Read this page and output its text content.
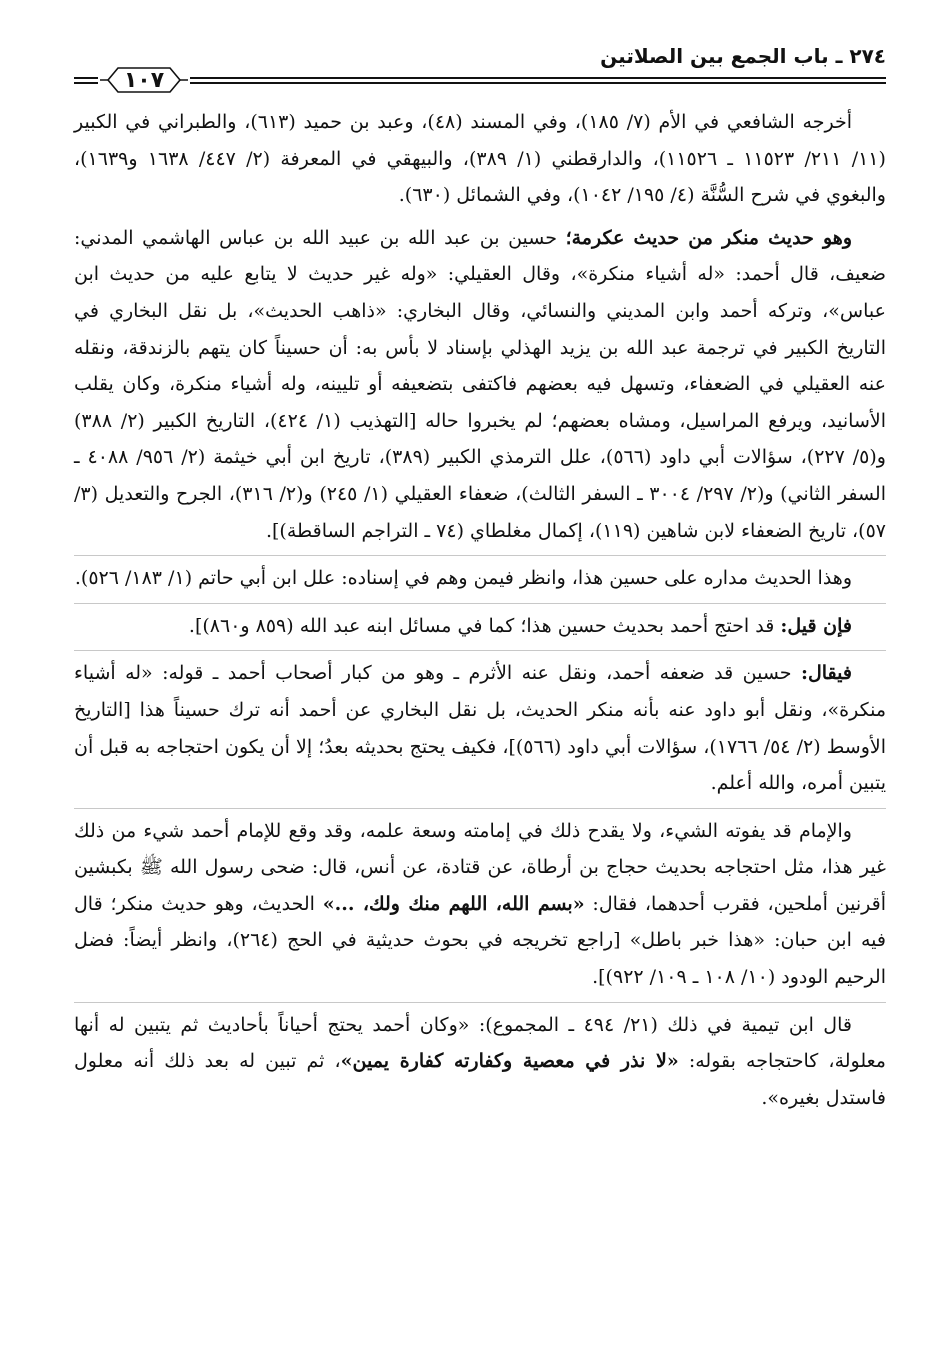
٢٧٤ ـ باب الجمع بين الصلاتين
١٠٧

أخرجه الشافعي في الأم (٧/ ١٨٥)، وفي المسند (٤٨)، وعبد بن حميد (٦١٣)، والطبراني في الكبير (١١/ ٢١١/ ١١٥٢٣ ـ ١١٥٢٦)، والدارقطني (١/ ٣٨٩)، والبيهقي في المعرفة (٢/ ٤٤٧/ ١٦٣٨ و١٦٣٩)، والبغوي في شرح السُّنَّة (٤/ ١٩٥/ ١٠٤٢)، وفي الشمائل (٦٣٠).

وهو حديث منكر من حديث عكرمة؛ حسين بن عبد الله بن عبيد الله بن عباس الهاشمي المدني: ضعيف، قال أحمد: «له أشياء منكرة»، وقال العقيلي: «وله غير حديث لا يتابع عليه من حديث ابن عباس»، وتركه أحمد وابن المديني والنسائي، وقال البخاري: «ذاهب الحديث»، بل نقل البخاري في التاريخ الكبير في ترجمة عبد الله بن يزيد الهذلي بإسناد لا بأس به: أن حسيناً كان يتهم بالزندقة، ونقله عنه العقيلي في الضعفاء، وتسهل فيه بعضهم فاكتفى بتضعيفه أو تليينه، وله أشياء منكرة، وكان يقلب الأسانيد، ويرفع المراسيل، ومشاه بعضهم؛ لم يخبروا حاله [التهذيب (١/ ٤٢٤)، التاريخ الكبير (٢/ ٣٨٨) و(٥/ ٢٢٧)، سؤالات أبي داود (٥٦٦)، علل الترمذي الكبير (٣٨٩)، تاريخ ابن أبي خيثمة (٢/ ٩٥٦/ ٤٠٨٨ ـ السفر الثاني) و(٢/ ٢٩٧/ ٣٠٠٤ ـ السفر الثالث)، ضعفاء العقيلي (١/ ٢٤٥) و(٢/ ٣١٦)، الجرح والتعديل (٣/ ٥٧)، تاريخ الضعفاء لابن شاهين (١١٩)، إكمال مغلطاي (٧٤ ـ التراجم الساقطة)].

وهذا الحديث مداره على حسين هذا، وانظر فيمن وهم في إسناده: علل ابن أبي حاتم (١/ ١٨٣/ ٥٢٦).

فإن قيل: قد احتج أحمد بحديث حسين هذا؛ كما في مسائل ابنه عبد الله (٨٥٩ و٨٦٠)].

فيقال: حسين قد ضعفه أحمد، ونقل عنه الأثرم ـ وهو من كبار أصحاب أحمد ـ قوله: «له أشياء منكرة»، ونقل أبو داود عنه بأنه منكر الحديث، بل نقل البخاري عن أحمد أنه ترك حسيناً هذا [التاريخ الأوسط (٢/ ٥٤/ ١٧٦٦)، سؤالات أبي داود (٥٦٦)]، فكيف يحتج بحديثه بعدُ؛ إلا أن يكون احتجاجه به قبل أن يتبين أمره، والله أعلم.

والإمام قد يفوته الشيء، ولا يقدح ذلك في إمامته وسعة علمه، وقد وقع للإمام أحمد شيء من ذلك غير هذا، مثل احتجاجه بحديث حجاج بن أرطاة، عن قتادة، عن أنس، قال: ضحى رسول الله ﷺ بكبشين أقرنين أملحين، فقرب أحدهما، فقال: «بسم الله، اللهم منك ولك، ...» الحديث، وهو حديث منكر؛ قال فيه ابن حبان: «هذا خبر باطل» [راجع تخريجه في بحوث حديثية في الحج (٢٦٤)، وانظر أيضاً: فضل الرحيم الودود (١٠/ ١٠٨ ـ ١٠٩/ ٩٢٢)].

قال ابن تيمية في ذلك (٢١/ ٤٩٤ ـ المجموع): «وكان أحمد يحتج أحياناً بأحاديث ثم يتبين له أنها معلولة، كاحتجاجه بقوله: «لا نذر في معصية وكفارته كفارة يمين»، ثم تبين له بعد ذلك أنه معلول فاستدل بغيره».
